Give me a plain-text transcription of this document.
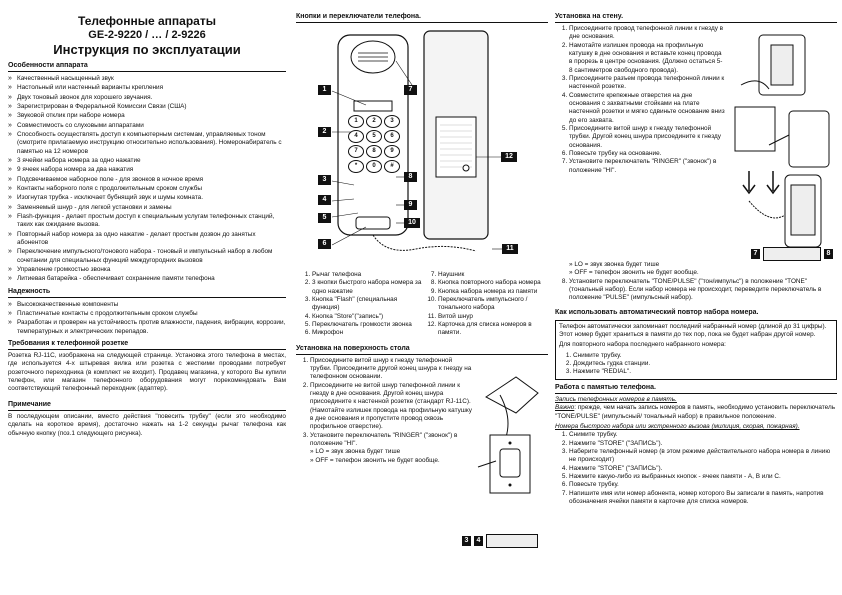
Телефонные аппараты
GE-2-9220 / … / 2-9226
Инструкция по эксплуатации
Особенности аппарата
» Качественный насыщенный звук
» Настольный или настенный варианты крепления
» Двух тоновый звонок для хорошего звучания.
» Зарегистрирован в Федеральной Комиссии Связи (США)
» Звуковой отклик при наборе номера
» Совместимость со слуховыми аппаратами
» Способность осуществлять доступ к компьютерным системам, управляемых тоном (смотрите прилагаемую инструкцию относительно использования). Номеронабиратель с памятью на 12 номеров
» 3 ячейки набора номера за одно нажатие
» 9 ячеек набора номера за два нажатия
» Подсвечиваемое наборное поле - для звонков в ночное время
» Контакты наборного поля с продолжительным сроком службы
» Изогнутая трубка - исключает бубнящий звук и шумы комната.
» Заменяемый шнур - для легкой установки и замены
» Flash-функция - делает простым доступ к специальным услугам телефонных станций, таких как ожидание вызова.
» Повторный набор номера за одно нажатие - делает простым дозвон до занятых абонентов
» Переключение импульсного/тонового набора - тоновый и импульсный набор в любом сочетании для специальных функций междугородних вызовов
» Управление громкостью звонка
» Литиевая батарейка - обеспечивает сохранение памяти телефона
Надежность
» Высококачественные компоненты
» Пластинчатые контакты с продолжительным сроком службы
» Разработан и проверен на устойчивость против влажности, падения, вибрации, коррозии, температурных и электрических перепадов.
Требования к телефонной розетке
Розетка RJ-11C, изображена на следующей странице. Установка этого телефона в местах, где используется 4-х штыревая вилка или розетка с жесткими проводами потребует розеточного переходника (в комплект не входит). Продавец магазина, у которого Вы купили телефон, или магазин телефонного оборудования могут порекомендовать Вам соответствующий телефонный переходник (адаптер).
Примечание
В последующем описании, вместо действия "повесить трубку" (если это необходимо сделать на короткое время), достаточно нажать на 1-2 секунды рычаг телефона как обычную кнопку (поз.1 следующего рисунка).
Кнопки и переключатели телефона.
1	2	3
4	5	6
7	8	9
*	0	#
1
2
3
4
5
6
7
8
9
10
11
12
1. Рычаг телефона
2. 3 кнопки быстрого набора номера за одно нажатие
3. Кнопка "Flash" (специальная функция)
4. Кнопка "Store"("запись")
5. Переключатель громкости звонка
6. Микрофон
7. Наушник
8. Кнопка повторного набора номера
9. Кнопка набора номера из памяти
10. Переключатель импульсного / тонального набора
11. Витой шнур
12. Карточка для списка номеров в памяти.
Установка на поверхность стола
1. Присоедините витой шнур к гнезду телефонной трубки. Присоедините другой конец шнура к гнезду на телефонном основании.
2. Присоедините не витой шнур телефонной линии к гнезду в дне основания. Другой конец шнура присоедините к настенной розетке (стандарт RJ-11C). (Намотайте излишек провода на профильную катушку в дне основания и пропустите провод сквозь профильное отверстие).
3. Установите переключатель "RINGER" ("звонок") в положение "HI".
» LO = звук звонка будет тише
» OFF = телефон звонить не будет вообще.
3	4
Установка на стену.
1. Присоедините провод телефонной линии к гнезду в дне основания.
2. Намотайте излишек провода на профильную катушку в дне основания и вставьте конец провода в прорезь в центре основания. (Должно остаться 5-8 сантиметров свободного провода).
3. Присоедините разъем провода телефонной линии к настенной розетке.
4. Совместите крепежные отверстия на дне основания с захватными стойками на плате настенной розетки и мягко сдвиньте основание вниз до его захвата.
5. Присоедините витой шнур к гнезду телефонной трубки. Другой конец шнура присоедините к гнезду основания.
6. Повесьте трубку на основание.
7. Установите переключатель "RINGER" ("звонок") в положение "HI".
7	8
» LO = звук звонка будет тише
» OFF = телефон звонить не будет вообще.
8. Установите переключатель "TONE/PULSE" ("тон/импульс") в положение "TONE" (тональный набор). Если набор номера не происходит, переведите переключатель в положение "PULSE" (импульсный набор).
Как использовать автоматический повтор набора номера.
Телефон автоматически запоминает последний набранный номер (длиной до 31 цифры). Этот номер будет храниться в памяти до тех пор, пока не будет набран другой номер.
Для повторного набора последнего набранного номера:
1. Снимите трубку.
2. Дождитесь гудка станции.
3. Нажмите "REDIAL".
Работа с памятью телефона.
Запись телефонных номеров в память.
Важно: прежде, чем начать запись номеров в память, необходимо установить переключатель "TONE/PULSE" (импульсный/ тональный набор) в правильное положение.
Номера быстрого набора или экстренного вызова (милиция, скорая, пожарная).
1. Снимите трубку.
2. Нажмите "STORE" ("ЗАПИСЬ").
3. Наберите телефонный номер (в этом режиме действительного набора номера в линию не происходит)
4. Нажмите "STORE" ("ЗАПИСЬ").
5. Нажмите какую-либо из выбранных кнопок - ячеек памяти - A, B или C.
6. Повесьте трубку.
7. Напишите имя или номер абонента, номер которого Вы записали в память, напротив обозначения ячейки памяти в карточке для списка номеров.
